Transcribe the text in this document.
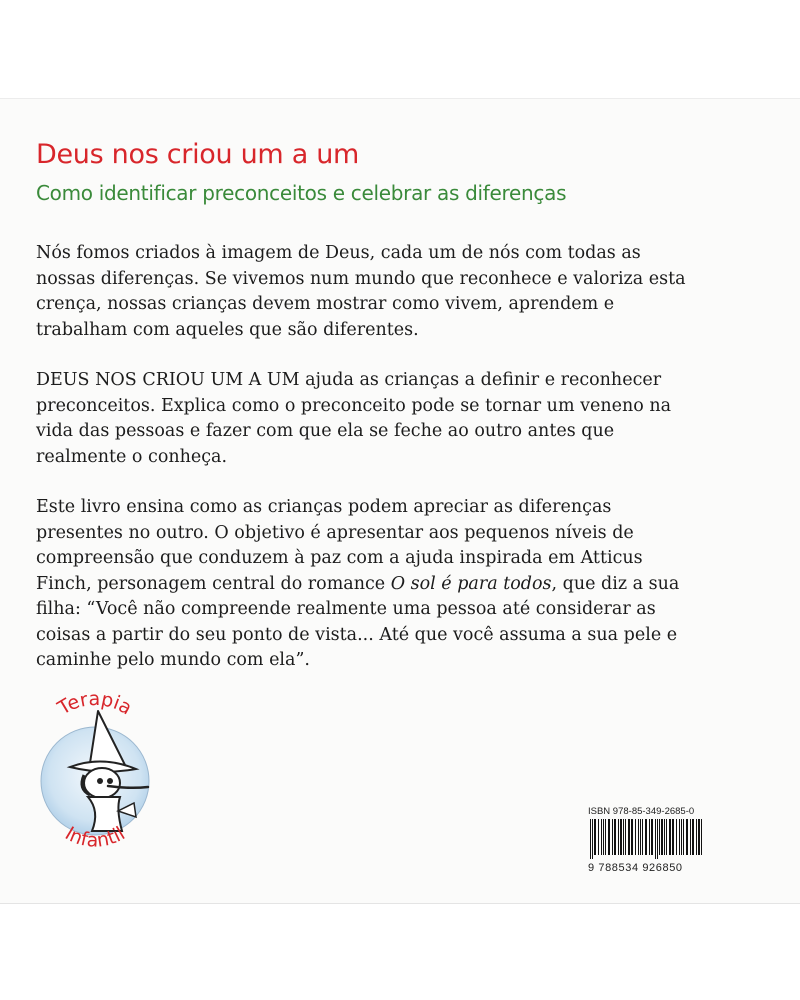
Deus nos criou um a um
Como identificar preconceitos e celebrar as diferenças

Nós fomos criados à imagem de Deus, cada um de nós com todas as nossas diferenças. Se vivemos num mundo que reconhece e valoriza esta crença, nossas crianças devem mostrar como vivem, aprendem e trabalham com aqueles que são diferentes.

DEUS NOS CRIOU UM A UM ajuda as crianças a definir e reconhecer preconceitos. Explica como o preconceito pode se tornar um veneno na vida das pessoas e fazer com que ela se feche ao outro antes que realmente o conheça.

Este livro ensina como as crianças podem apreciar as diferenças presentes no outro. O objetivo é apresentar aos pequenos níveis de compreensão que conduzem à paz com a ajuda inspirada em Atticus Finch, personagem central do romance O sol é para todos, que diz a sua filha: “Você não compreende realmente uma pessoa até considerar as coisas a partir do seu ponto de vista... Até que você assuma a sua pele e caminhe pelo mundo com ela”.

Terapia
Infantil
ISBN 978-85-349-2685-0
9 788534 926850
